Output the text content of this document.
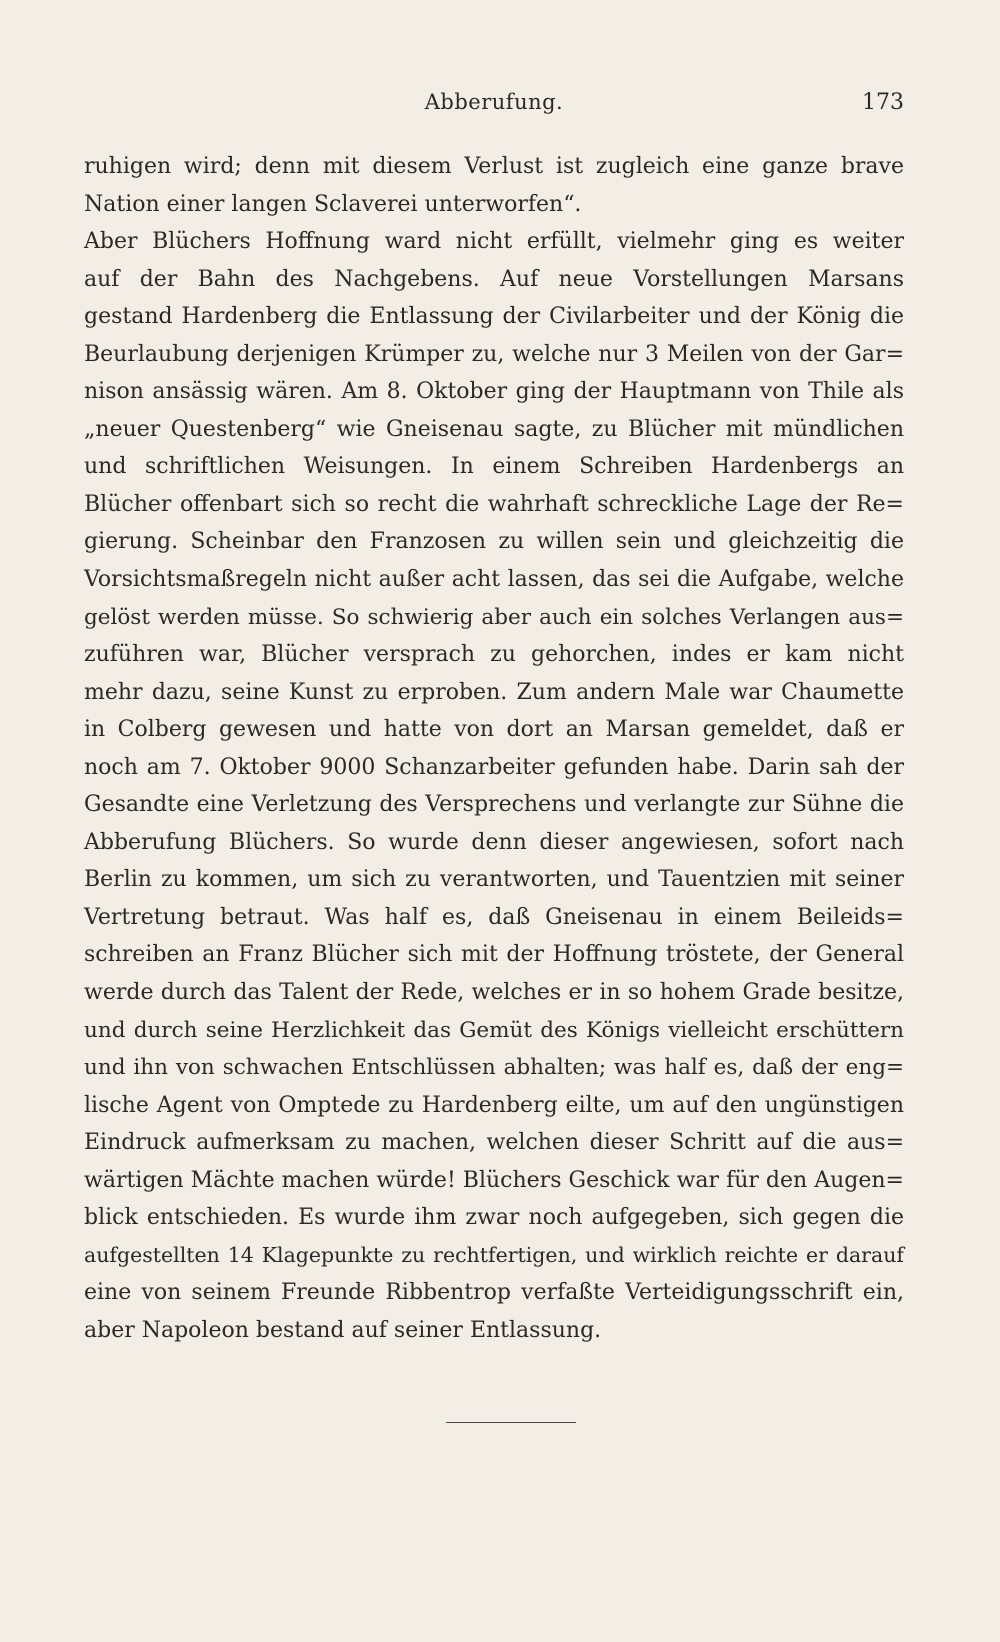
Abberufung.	173
ruhigen wird; denn mit diesem Verlust ist zugleich eine ganze brave
Nation einer langen Sclaverei unterworfen“.
Aber Blüchers Hoffnung ward nicht erfüllt, vielmehr ging es weiter
auf der Bahn des Nachgebens. Auf neue Vorstellungen Marsans
gestand Hardenberg die Entlassung der Civilarbeiter und der König die
Beurlaubung derjenigen Krümper zu, welche nur 3 Meilen von der Gar=
nison ansässig wären. Am 8. Oktober ging der Hauptmann von Thile als
„neuer Questenberg“ wie Gneisenau sagte, zu Blücher mit mündlichen
und schriftlichen Weisungen. In einem Schreiben Hardenbergs an
Blücher offenbart sich so recht die wahrhaft schreckliche Lage der Re=
gierung. Scheinbar den Franzosen zu willen sein und gleichzeitig die
Vorsichtsmaßregeln nicht außer acht lassen, das sei die Aufgabe, welche
gelöst werden müsse. So schwierig aber auch ein solches Verlangen aus=
zuführen war, Blücher versprach zu gehorchen, indes er kam nicht
mehr dazu, seine Kunst zu erproben. Zum andern Male war Chaumette
in Colberg gewesen und hatte von dort an Marsan gemeldet, daß er
noch am 7. Oktober 9000 Schanzarbeiter gefunden habe. Darin sah der
Gesandte eine Verletzung des Versprechens und verlangte zur Sühne die
Abberufung Blüchers. So wurde denn dieser angewiesen, sofort nach
Berlin zu kommen, um sich zu verantworten, und Tauentzien mit seiner
Vertretung betraut. Was half es, daß Gneisenau in einem Beileids=
schreiben an Franz Blücher sich mit der Hoffnung tröstete, der General
werde durch das Talent der Rede, welches er in so hohem Grade besitze,
und durch seine Herzlichkeit das Gemüt des Königs vielleicht erschüttern
und ihn von schwachen Entschlüssen abhalten; was half es, daß der eng=
lische Agent von Omptede zu Hardenberg eilte, um auf den ungünstigen
Eindruck aufmerksam zu machen, welchen dieser Schritt auf die aus=
wärtigen Mächte machen würde! Blüchers Geschick war für den Augen=
blick entschieden. Es wurde ihm zwar noch aufgegeben, sich gegen die
aufgestellten 14 Klagepunkte zu rechtfertigen, und wirklich reichte er darauf
eine von seinem Freunde Ribbentrop verfaßte Verteidigungsschrift ein,
aber Napoleon bestand auf seiner Entlassung.
